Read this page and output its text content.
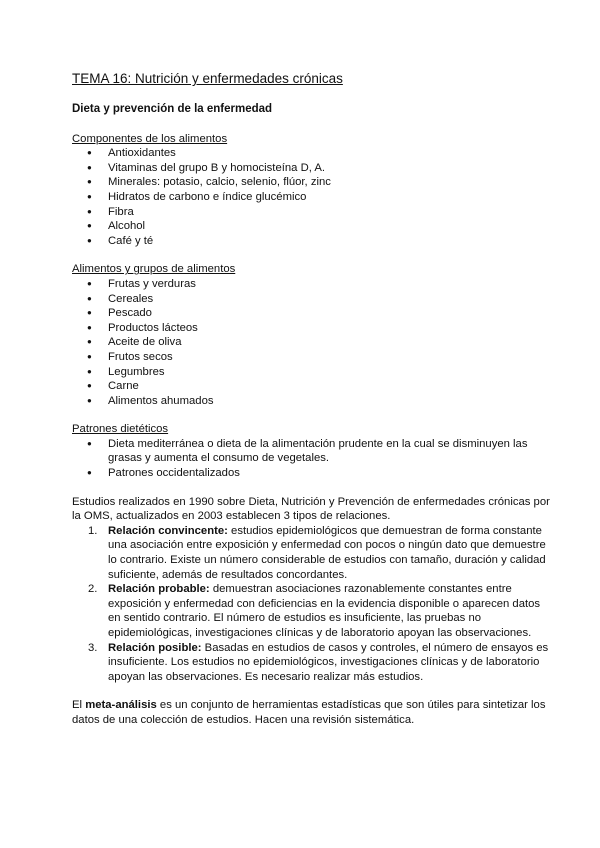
TEMA 16: Nutrición y enfermedades crónicas
Dieta y prevención de la enfermedad
Componentes de los alimentos
● Antioxidantes
● Vitaminas del grupo B y homocisteína D, A.
● Minerales: potasio, calcio, selenio, flúor, zinc
● Hidratos de carbono e índice glucémico
● Fibra
● Alcohol
● Café y té
Alimentos y grupos de alimentos
● Frutas y verduras
● Cereales
● Pescado
● Productos lácteos
● Aceite de oliva
● Frutos secos
● Legumbres
● Carne
● Alimentos ahumados
Patrones dietéticos
● Dieta mediterránea o dieta de la alimentación prudente en la cual se disminuyen las grasas y aumenta el consumo de vegetales.
● Patrones occidentalizados

Estudios realizados en 1990 sobre Dieta, Nutrición y Prevención de enfermedades crónicas por la OMS, actualizados en 2003 establecen 3 tipos de relaciones.

1. Relación convincente: estudios epidemiológicos que demuestran de forma constante una asociación entre exposición y enfermedad con pocos o ningún dato que demuestre lo contrario. Existe un número considerable de estudios con tamaño, duración y calidad suficiente, además de resultados concordantes.
2. Relación probable: demuestran asociaciones razonablemente constantes entre exposición y enfermedad con deficiencias en la evidencia disponible o aparecen datos en sentido contrario. El número de estudios es insuficiente, las pruebas no epidemiológicas, investigaciones clínicas y de laboratorio apoyan las observaciones.
3. Relación posible: Basadas en estudios de casos y controles, el número de ensayos es insuficiente. Los estudios no epidemiológicos, investigaciones clínicas y de laboratorio apoyan las observaciones. Es necesario realizar más estudios.

El meta-análisis es un conjunto de herramientas estadísticas que son útiles para sintetizar los datos de una colección de estudios. Hacen una revisión sistemática.
